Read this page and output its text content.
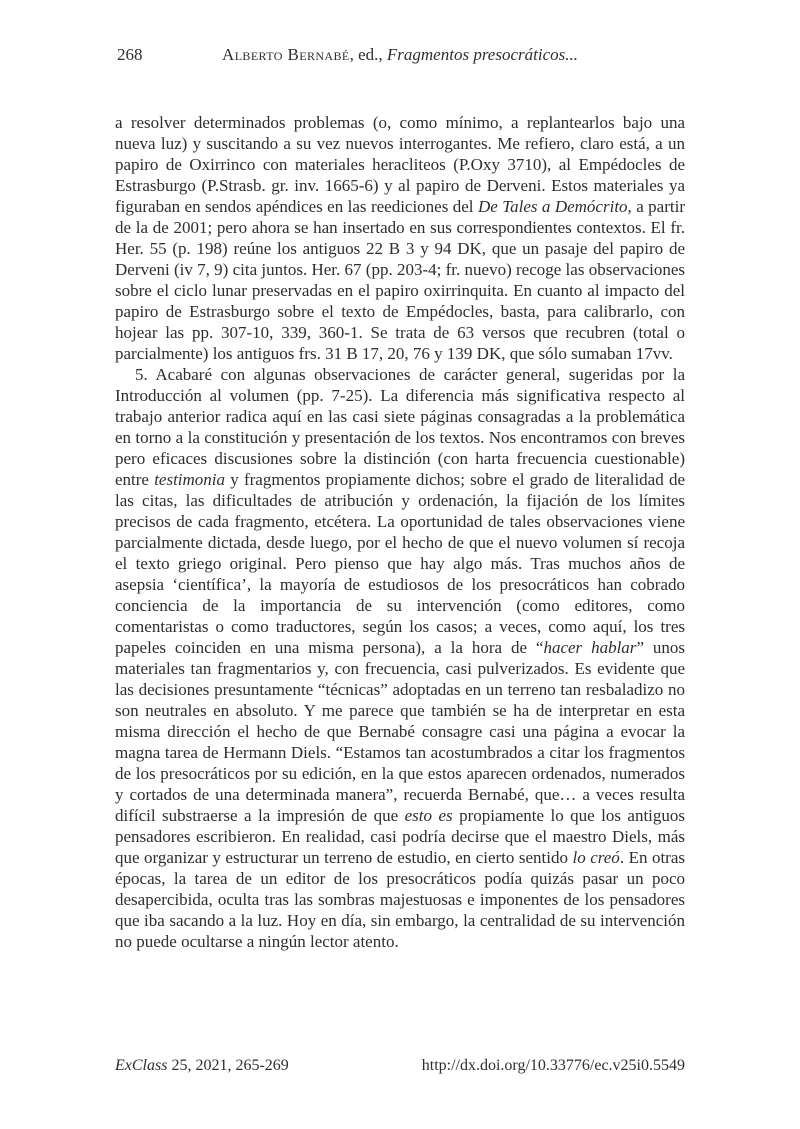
268	Alberto Bernabé, ed., Fragmentos presocráticos...

a resolver determinados problemas (o, como mínimo, a replantearlos bajo una nueva luz) y suscitando a su vez nuevos interrogantes. Me refiero, claro está, a un papiro de Oxirrinco con materiales heracliteos (P.Oxy 3710), al Empédocles de Estrasburgo (P.Strasb. gr. inv. 1665-6) y al papiro de Derveni. Estos materiales ya figuraban en sendos apéndices en las reediciones del De Tales a Demócrito, a partir de la de 2001; pero ahora se han insertado en sus correspondientes contextos. El fr. Her. 55 (p. 198) reúne los antiguos 22 B 3 y 94 DK, que un pasaje del papiro de Derveni (iv 7, 9) cita juntos. Her. 67 (pp. 203-4; fr. nuevo) recoge las observaciones sobre el ciclo lunar preservadas en el papiro oxirrinquita. En cuanto al impacto del papiro de Estrasburgo sobre el texto de Empédocles, basta, para calibrarlo, con hojear las pp. 307-10, 339, 360-1. Se trata de 63 versos que recubren (total o parcialmente) los antiguos frs. 31 B 17, 20, 76 y 139 DK, que sólo sumaban 17vv.

5. Acabaré con algunas observaciones de carácter general, sugeridas por la Introducción al volumen (pp. 7-25). La diferencia más significativa respecto al trabajo anterior radica aquí en las casi siete páginas consagradas a la problemática en torno a la constitución y presentación de los textos. Nos encontramos con breves pero eficaces discusiones sobre la distinción (con harta frecuencia cuestionable) entre testimonia y fragmentos propiamente dichos; sobre el grado de literalidad de las citas, las dificultades de atribución y ordenación, la fijación de los límites precisos de cada fragmento, etcétera. La oportunidad de tales observaciones viene parcialmente dictada, desde luego, por el hecho de que el nuevo volumen sí recoja el texto griego original. Pero pienso que hay algo más. Tras muchos años de asepsia ‘científica’, la mayoría de estudiosos de los presocráticos han cobrado conciencia de la importancia de su intervención (como editores, como comentaristas o como traductores, según los casos; a veces, como aquí, los tres papeles coinciden en una misma persona), a la hora de “hacer hablar” unos materiales tan fragmentarios y, con frecuencia, casi pulverizados. Es evidente que las decisiones presuntamente “técnicas” adoptadas en un terreno tan resbaladizo no son neutrales en absoluto. Y me parece que también se ha de interpretar en esta misma dirección el hecho de que Bernabé consagre casi una página a evocar la magna tarea de Hermann Diels. “Estamos tan acostumbrados a citar los fragmentos de los presocráticos por su edición, en la que estos aparecen ordenados, numerados y cortados de una determinada manera”, recuerda Bernabé, que… a veces resulta difícil substraerse a la impresión de que esto es propiamente lo que los antiguos pensadores escribieron. En realidad, casi podría decirse que el maestro Diels, más que organizar y estructurar un terreno de estudio, en cierto sentido lo creó. En otras épocas, la tarea de un editor de los presocráticos podía quizás pasar un poco desapercibida, oculta tras las sombras majestuosas e imponentes de los pensadores que iba sacando a la luz. Hoy en día, sin embargo, la centralidad de su intervención no puede ocultarse a ningún lector atento.

ExClass 25, 2021, 265-269	http://dx.doi.org/10.33776/ec.v25i0.5549
